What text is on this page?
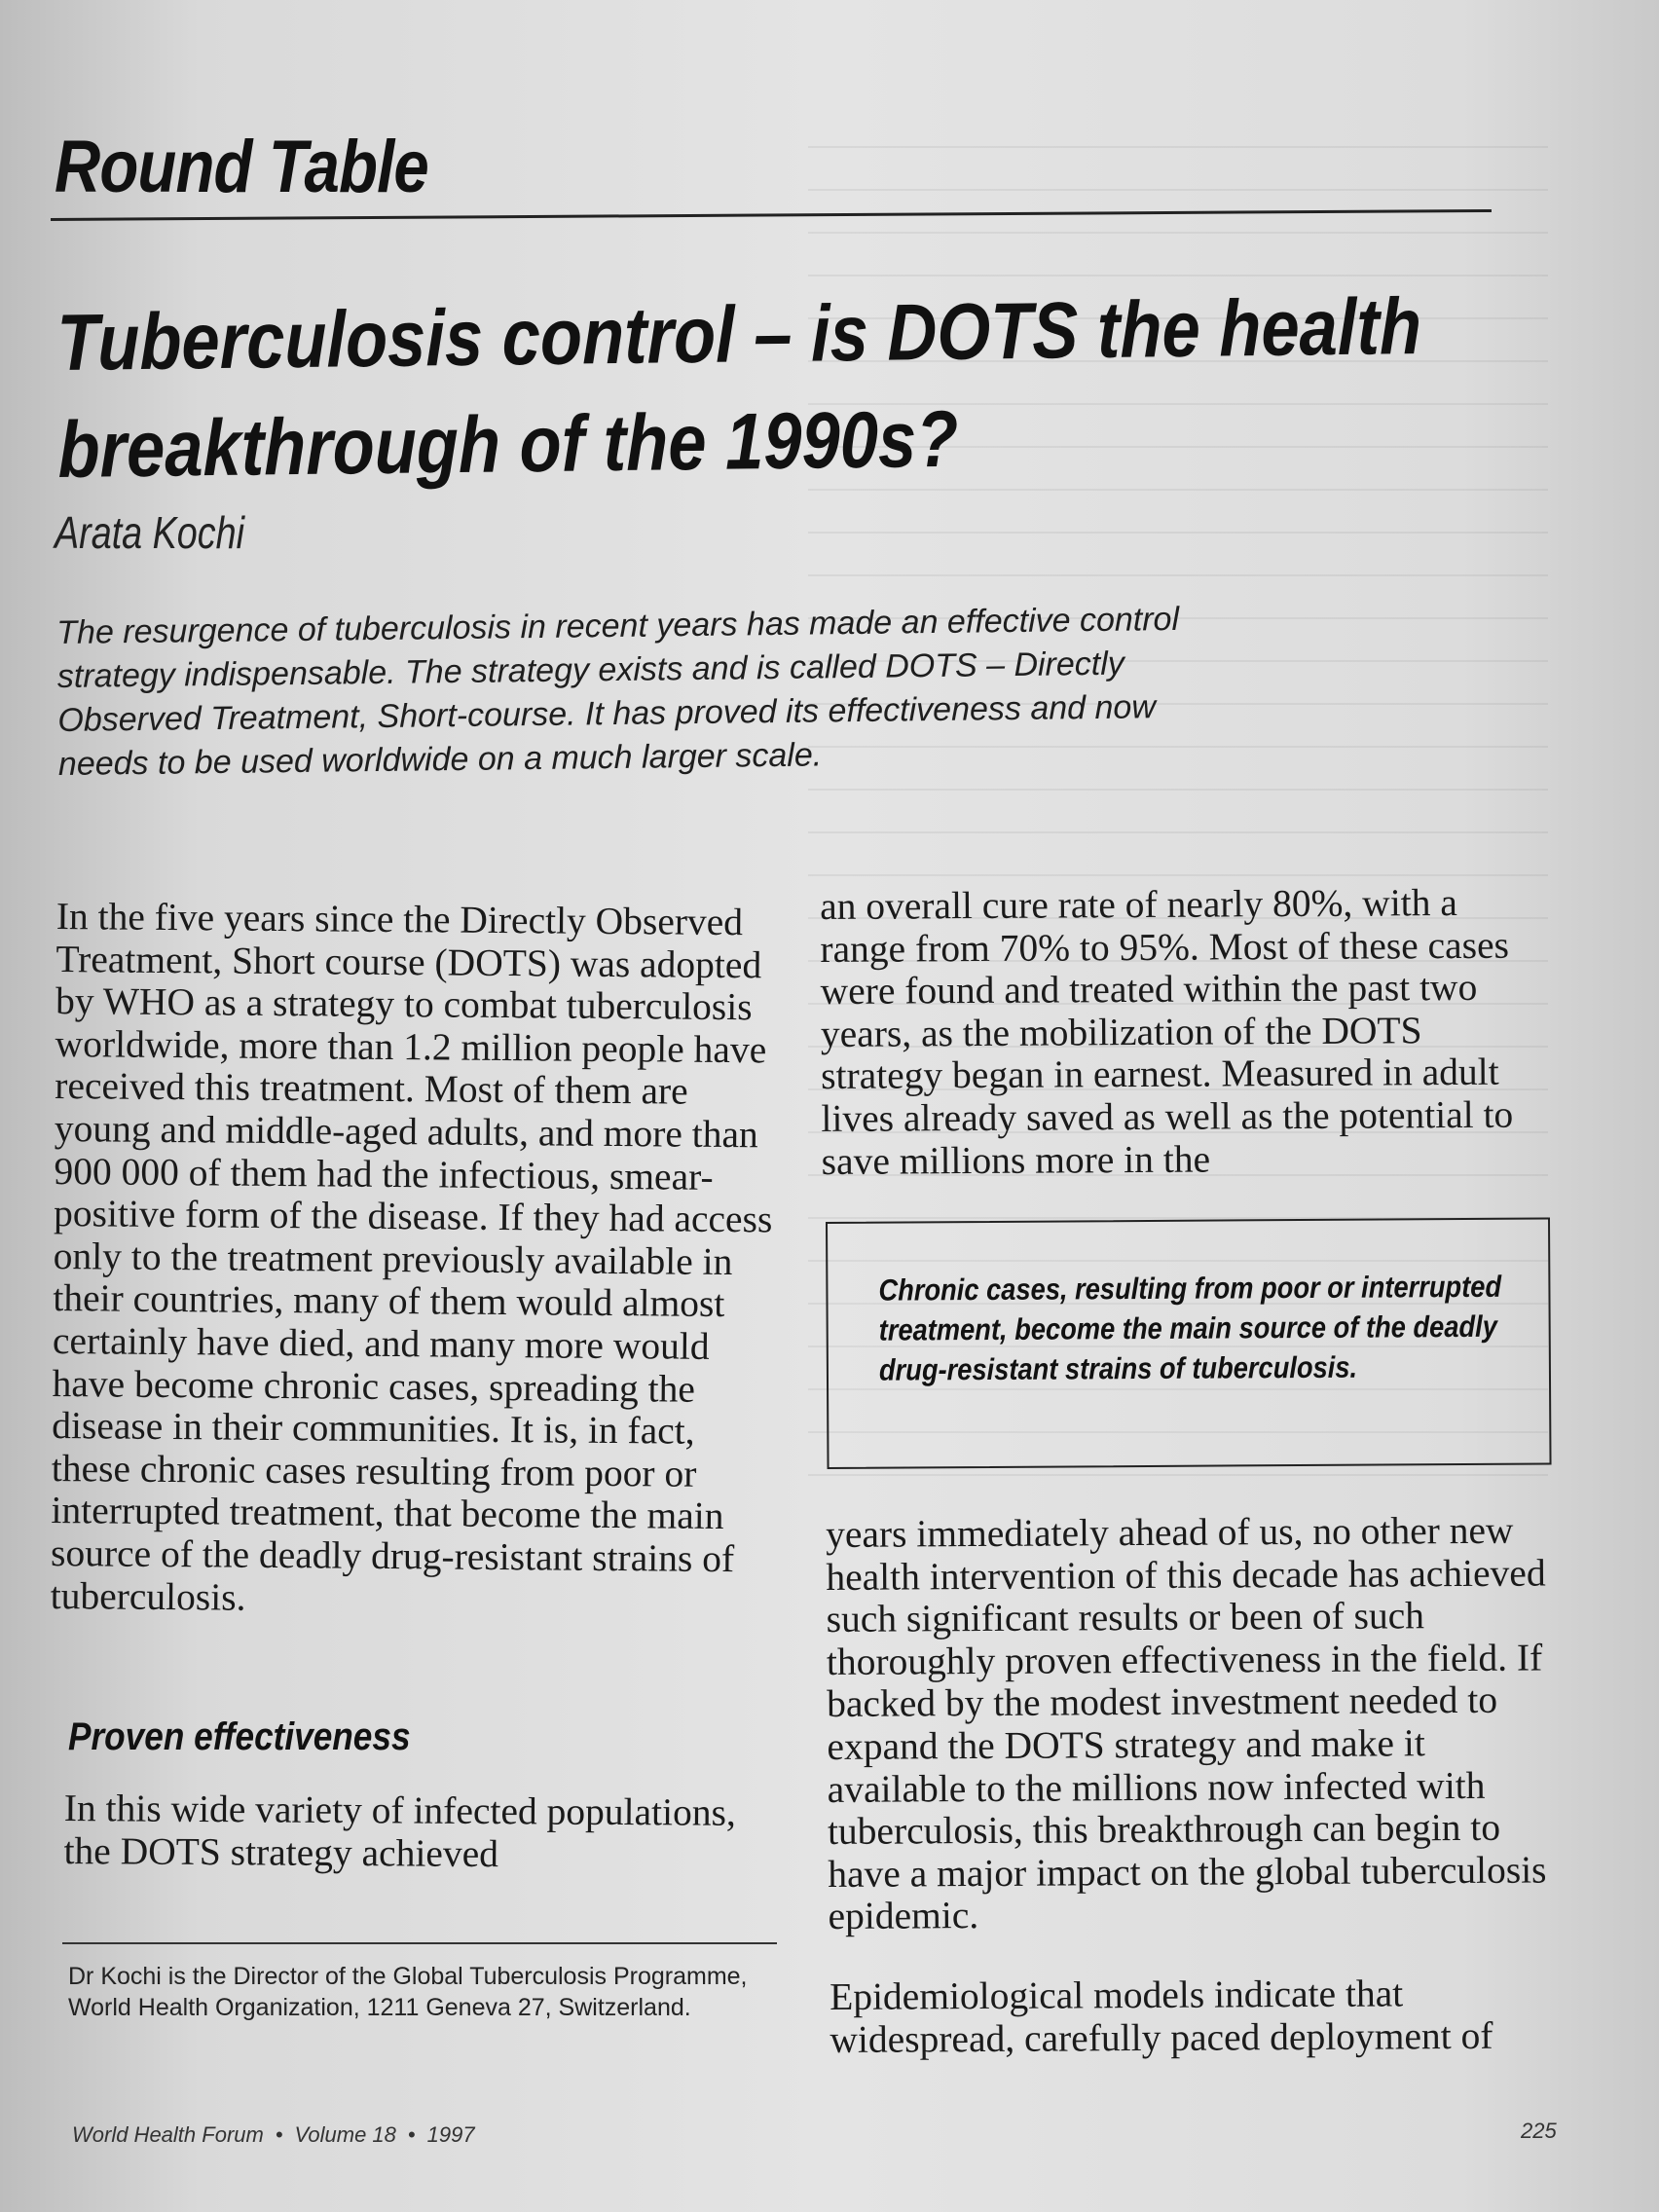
Round Table
Tuberculosis control – is DOTS the health
breakthrough of the 1990s?
Arata Kochi

The resurgence of tuberculosis in recent years has made an effective control strategy indispensable. The strategy exists and is called DOTS – Directly Observed Treatment, Short-course. It has proved its effectiveness and now needs to be used worldwide on a much larger scale.

In the five years since the Directly Observed Treatment, Short course (DOTS) was adopted by WHO as a strategy to combat tuberculosis worldwide, more than 1.2 million people have received this treatment. Most of them are young and middle-aged adults, and more than 900 000 of them had the infectious, smear-positive form of the disease. If they had access only to the treatment previously available in their countries, many of them would almost certainly have died, and many more would have become chronic cases, spreading the disease in their communities. It is, in fact, these chronic cases resulting from poor or interrupted treatment, that become the main source of the deadly drug-resistant strains of tuberculosis.

Proven effectiveness

In this wide variety of infected populations, the DOTS strategy achieved

an overall cure rate of nearly 80%, with a range from 70% to 95%. Most of these cases were found and treated within the past two years, as the mobilization of the DOTS strategy began in earnest. Measured in adult lives already saved as well as the potential to save millions more in the

Chronic cases, resulting from poor or interrupted treatment, become the main source of the deadly drug-resistant strains of tuberculosis.

years immediately ahead of us, no other new health intervention of this decade has achieved such significant results or been of such thoroughly proven effectiveness in the field. If backed by the modest investment needed to expand the DOTS strategy and make it available to the millions now infected with tuberculosis, this breakthrough can begin to have a major impact on the global tuberculosis epidemic.

Epidemiological models indicate that widespread, carefully paced deployment of

Dr Kochi is the Director of the Global Tuberculosis Programme, World Health Organization, 1211 Geneva 27, Switzerland.

World Health Forum • Volume 18 • 1997	225
